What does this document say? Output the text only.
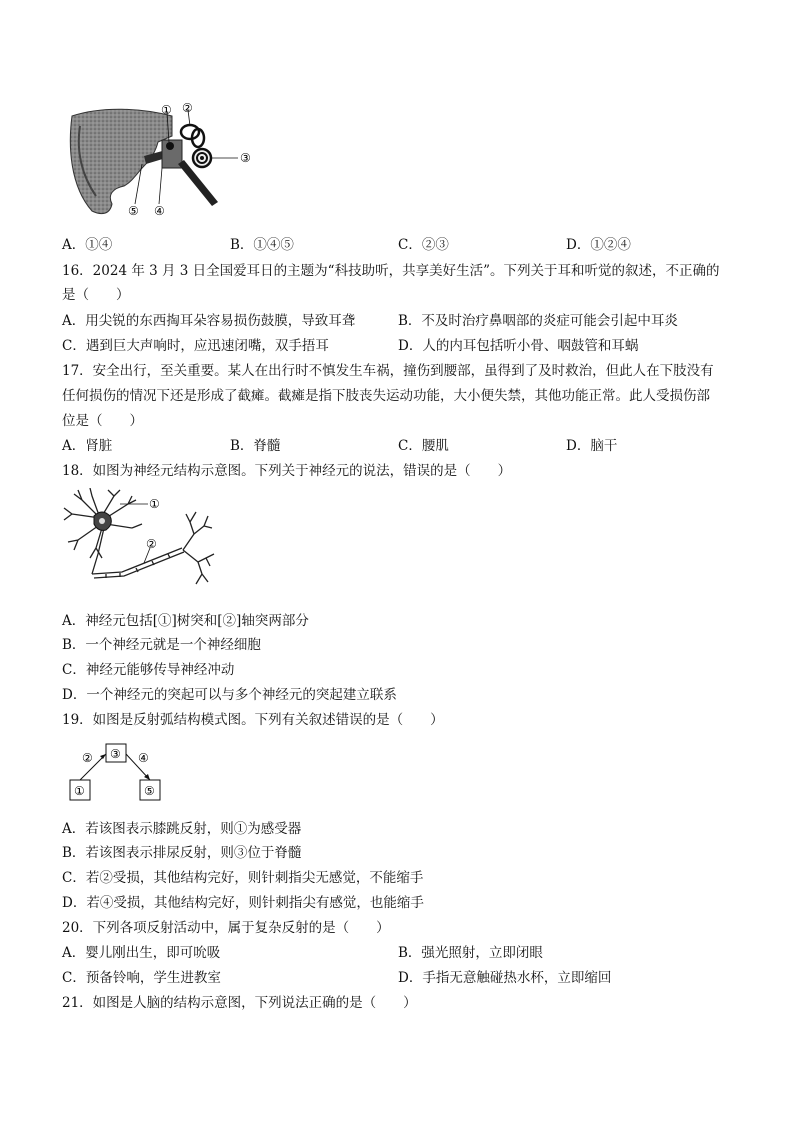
① ②
③
④
⑤
A．①④	B．①④⑤	C．②③	D．①②④
16．2024 年 3 月 3 日全国爱耳日的主题为“科技助听，共享美好生活”。下列关于耳和听觉的叙述，不正确的
是（　　）
A．用尖锐的东西掏耳朵容易损伤鼓膜，导致耳聋	B．不及时治疗鼻咽部的炎症可能会引起中耳炎
C．遇到巨大声响时，应迅速闭嘴，双手捂耳	D．人的内耳包括听小骨、咽鼓管和耳蜗
17．安全出行，至关重要。某人在出行时不慎发生车祸，撞伤到腰部，虽得到了及时救治，但此人在下肢没有
任何损伤的情况下还是形成了截瘫。截瘫是指下肢丧失运动功能，大小便失禁，其他功能正常。此人受损伤部
位是（　　）
A．肾脏	B．脊髓	C．腰肌	D．脑干
18．如图为神经元结构示意图。下列关于神经元的说法，错误的是（　　）
①
②
A．神经元包括[①]树突和[②]轴突两部分
B．一个神经元就是一个神经细胞
C．神经元能够传导神经冲动
D．一个神经元的突起可以与多个神经元的突起建立联系
19．如图是反射弧结构模式图。下列有关叙述错误的是（　　）
①
② ③ ④
⑤
A．若该图表示膝跳反射，则①为感受器
B．若该图表示排尿反射，则③位于脊髓
C．若②受损，其他结构完好，则针刺指尖无感觉，不能缩手
D．若④受损，其他结构完好，则针刺指尖有感觉，也能缩手
20．下列各项反射活动中，属于复杂反射的是（　　）
A．婴儿刚出生，即可吮吸	B．强光照射，立即闭眼
C．预备铃响，学生进教室	D．手指无意触碰热水杯，立即缩回
21．如图是人脑的结构示意图，下列说法正确的是（　　）
